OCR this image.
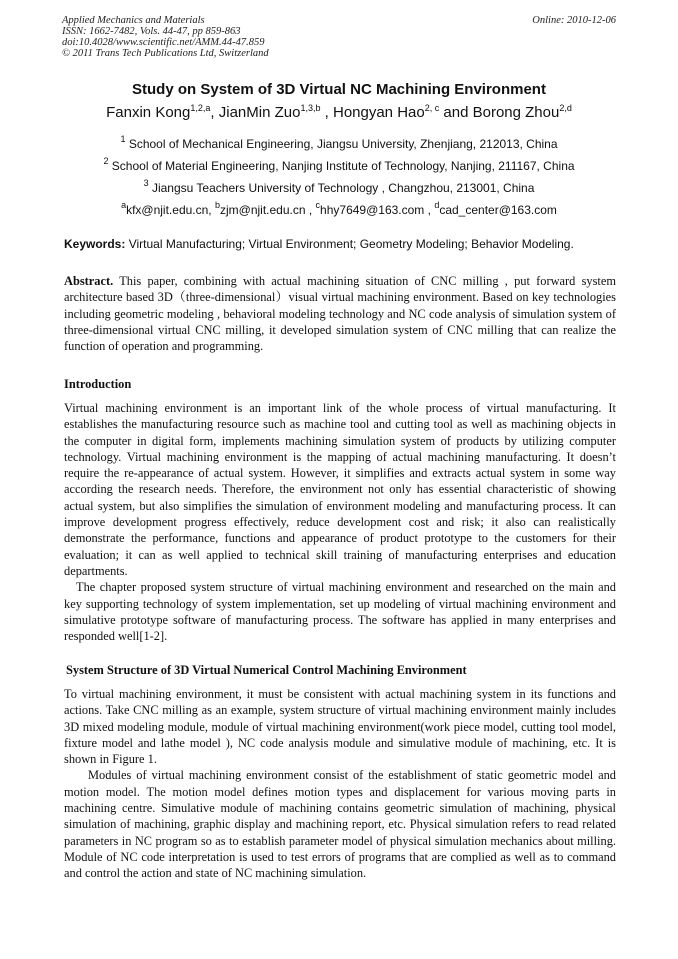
Applied Mechanics and Materials
ISSN: 1662-7482, Vols. 44-47, pp 859-863
doi:10.4028/www.scientific.net/AMM.44-47.859
© 2011 Trans Tech Publications Ltd, Switzerland
Online: 2010-12-06
Study on System of 3D Virtual NC Machining Environment
Fanxin Kong$^{1,2,a}$, JianMin Zuo$^{1,3,b}$ , Hongyan Hao$^{2, c}$ and Borong Zhou$^{2,d}$
$^1$ School of Mechanical Engineering, Jiangsu University, Zhenjiang, 212013, China
$^2$ School of Material Engineering, Nanjing Institute of Technology, Nanjing, 211167, China
$^3$ Jiangsu Teachers University of Technology , Changzhou, 213001, China
$^a$kfx@njit.edu.cn, $^b$zjm@njit.edu.cn , $^c$hhy7649@163.com , $^d$cad_center@163.com
Keywords: Virtual Manufacturing; Virtual Environment; Geometry Modeling; Behavior Modeling.

Abstract. This paper, combining with actual machining situation of CNC milling , put forward system architecture based 3D（three-dimensional）visual virtual machining environment. Based on key technologies including geometric modeling , behavioral modeling technology and NC code analysis of simulation system of three-dimensional virtual CNC milling, it developed simulation system of CNC milling that can realize the function of operation and programming.

Introduction

Virtual machining environment is an important link of the whole process of virtual manufacturing. It establishes the manufacturing resource such as machine tool and cutting tool as well as machining objects in the computer in digital form, implements machining simulation system of products by utilizing computer technology. Virtual machining environment is the mapping of actual machining manufacturing. It doesn’t require the re-appearance of actual system. However, it simplifies and extracts actual system in some way according the research needs. Therefore, the environment not only has essential characteristic of showing actual system, but also simplifies the simulation of environment modeling and manufacturing process. It can improve development progress effectively, reduce development cost and risk; it also can realistically demonstrate the performance, functions and appearance of product prototype to the customers for their evaluation; it can as well applied to technical skill training of manufacturing enterprises and education departments.

The chapter proposed system structure of virtual machining environment and researched on the main and key supporting technology of system implementation, set up modeling of virtual machining environment and simulative prototype software of manufacturing process. The software has applied in many enterprises and responded well[1-2].

System Structure of 3D Virtual Numerical Control Machining Environment

To virtual machining environment, it must be consistent with actual machining system in its functions and actions. Take CNC milling as an example, system structure of virtual machining environment mainly includes 3D mixed modeling module, module of virtual machining environment(work piece model, cutting tool model, fixture model and lathe model ), NC code analysis module and simulative module of machining, etc. It is shown in Figure 1.

Modules of virtual machining environment consist of the establishment of static geometric model and motion model. The motion model defines motion types and displacement for various moving parts in machining centre. Simulative module of machining contains geometric simulation of machining, physical simulation of machining, graphic display and machining report, etc. Physical simulation refers to read related parameters in NC program so as to establish parameter model of physical simulation mechanics about milling. Module of NC code interpretation is used to test errors of programs that are complied as well as to command and control the action and state of NC machining simulation.
